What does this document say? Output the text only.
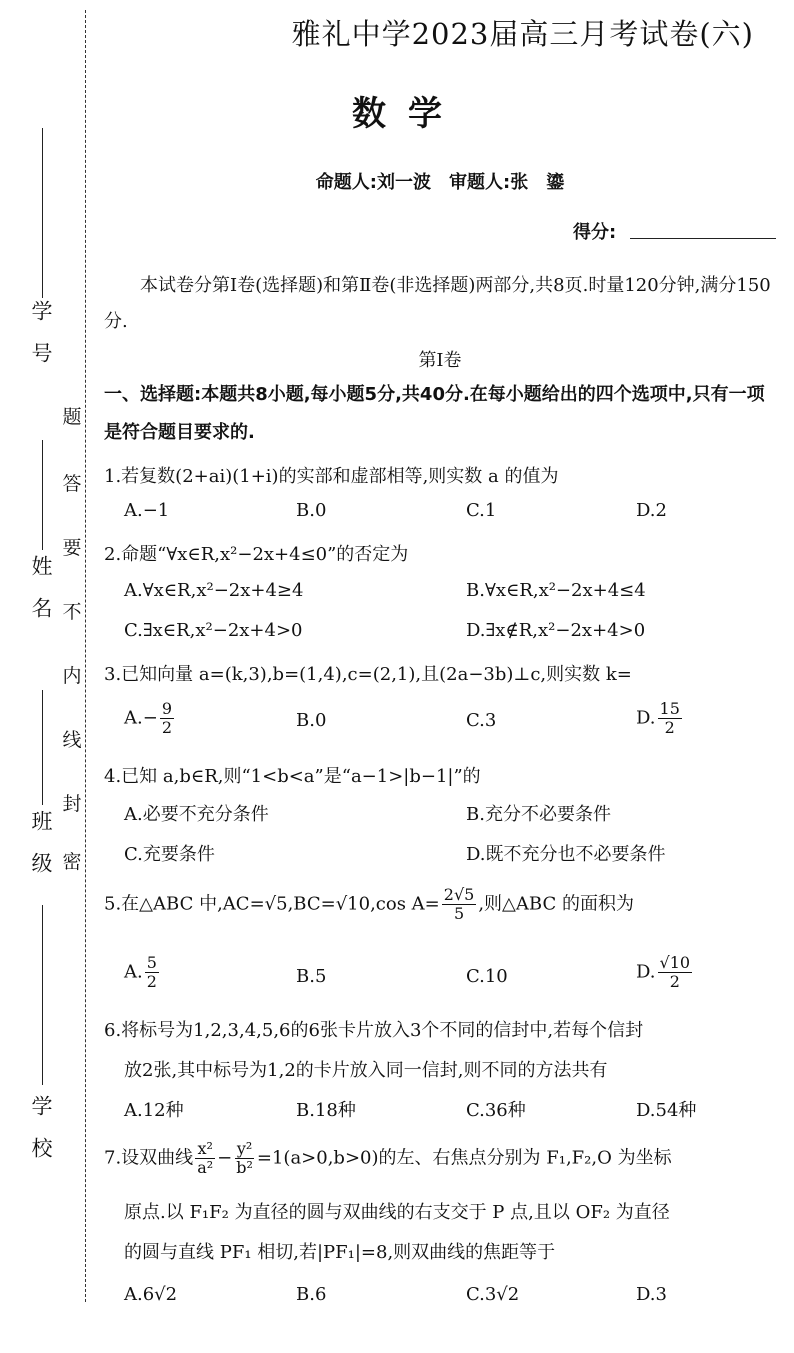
学　号
姓　名
班　级
学　校
题
答
要
不
内
线
封
密
雅礼中学2023届高三月考试卷(六)
数学
命题人:刘一波　审题人:张　鎏
得分:
本试卷分第Ⅰ卷(选择题)和第Ⅱ卷(非选择题)两部分,共8页.时量120分钟,满分150分.
第Ⅰ卷
一、选择题:本题共8小题,每小题5分,共40分.在每小题给出的四个选项中,只有一项是符合题目要求的.
1.若复数(2+ai)(1+i)的实部和虚部相等,则实数 a 的值为
A.−1	B.0	C.1	D.2
2.命题“∀x∈R,x²−2x+4≤0”的否定为
A.∀x∈R,x²−2x+4≥4	B.∀x∈R,x²−2x+4≤4
C.∃x∈R,x²−2x+4>0	D.∃x∉R,x²−2x+4>0
3.已知向量 a=(k,3),b=(1,4),c=(2,1),且(2a−3b)⊥c,则实数 k=
$A.- \frac{9}{2}$	B.0	C.3	D. $\frac{15}{2}$
4.已知 a,b∈R,则“1<b<a”是“a−1>|b−1|”的
A.必要不充分条件	B.充分不必要条件
C.充要条件	D.既不充分也不必要条件
5.在△ABC 中,AC=√5,BC=√10,cos $A= \frac{2√5}{5}$ ,则△ABC 的面积为
A. $\frac{5}{2}$	B.5	C.10	D. $\frac{√10}{2}$
6.将标号为1,2,3,4,5,6的6张卡片放入3个不同的信封中,若每个信封
放2张,其中标号为1,2的卡片放入同一信封,则不同的方法共有
A.12种	B.18种	C.36种	D.54种
7.设双曲线 $\frac{\text{x²}}{\text{a²}} - \frac{\text{y²}}{\text{b²}} =1(a>0,b>0)$的左、右焦点分别为 F₁,F₂,O 为坐标
原点.以 F₁F₂ 为直径的圆与双曲线的右支交于 P 点,且以 OF₂ 为直径
的圆与直线 PF₁ 相切,若|PF₁|=8,则双曲线的焦距等于
A.6√2	B.6	C.3√2	D.3
